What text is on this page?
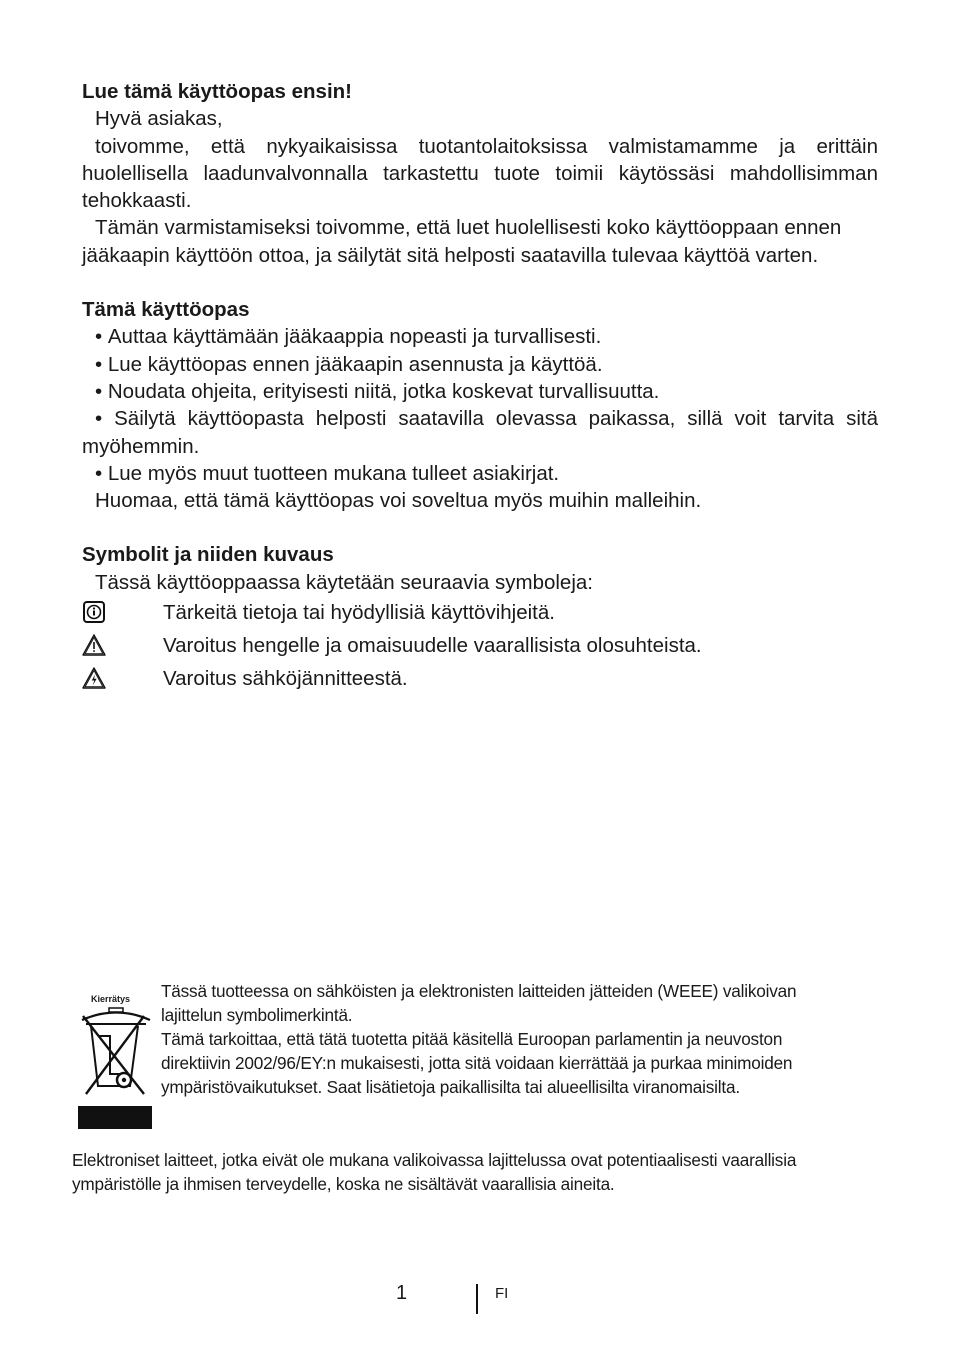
Lue tämä käyttöopas ensin!

Hyvä asiakas,

toivomme, että nykyaikaisissa tuotantolaitoksissa valmistamamme ja erittäin huolellisella laadunvalvonnalla tarkastettu tuote toimii käytössäsi mahdollisimman tehokkaasti.

Tämän varmistamiseksi toivomme, että luet huolellisesti koko käyttöoppaan ennen jääkaapin käyttöön ottoa, ja säilytät sitä helposti saatavilla tulevaa käyttöä varten.

Tämä käyttöopas

• Auttaa käyttämään jääkaappia nopeasti ja turvallisesti.

• Lue käyttöopas ennen jääkaapin asennusta ja käyttöä.

• Noudata ohjeita, erityisesti niitä, jotka koskevat turvallisuutta.

• Säilytä käyttöopasta helposti saatavilla olevassa paikassa, sillä voit tarvita sitä myöhemmin.

• Lue myös muut tuotteen mukana tulleet asiakirjat.

Huomaa, että tämä käyttöopas voi soveltua myös muihin malleihin.

Symbolit ja niiden kuvaus

Tässä käyttöoppaassa käytetään seuraavia symboleja:

Tärkeitä tietoja tai hyödyllisiä käyttövihjeitä.
Varoitus hengelle ja omaisuudelle vaarallisista olosuhteista.
Varoitus sähköjännitteestä.
Kierrätys Tässä tuotteessa on sähköisten ja elektronisten laitteiden jätteiden (WEEE) valikoivan lajittelun symbolimerkintä.

Tämä tarkoittaa, että tätä tuotetta pitää käsitellä Euroopan parlamentin ja neuvoston direktiivin 2002/96/EY:n mukaisesti, jotta sitä voidaan kierrättää ja purkaa minimoiden ympäristövaikutukset. Saat lisätietoja paikallisilta tai alueellisilta viranomaisilta.

Elektroniset laitteet, jotka eivät ole mukana valikoivassa lajittelussa ovat potentiaalisesti vaarallisia ympäristölle ja ihmisen terveydelle, koska ne sisältävät vaarallisia aineita.
1	FI
